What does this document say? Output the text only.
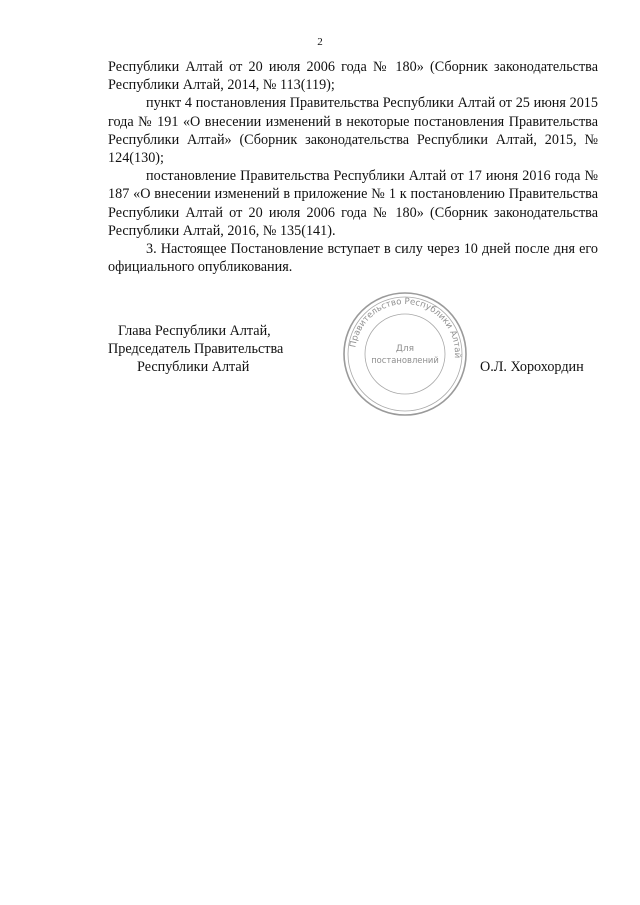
2

Республики Алтай от 20 июля 2006 года № 180» (Сборник законодательства Республики Алтай, 2014, № 113(119);

пункт 4 постановления Правительства Республики Алтай от 25 июня 2015 года № 191 «О внесении изменений в некоторые постановления Правительства Республики Алтай» (Сборник законодательства Республики Алтай, 2015, № 124(130);

постановление Правительства Республики Алтай от 17 июня 2016 года № 187 «О внесении изменений в приложение № 1 к постановлению Правительства Республики Алтай от 20 июля 2006 года № 180» (Сборник законодательства Республики Алтай, 2016, № 135(141).

3. Настоящее Постановление вступает в силу через 10 дней после дня его официального опубликования.

Глава Республики Алтай,
Председатель Правительства
Республики Алтай
Правительство Республики Алтай
Для
постановлений	О.Л. Хорохордин
